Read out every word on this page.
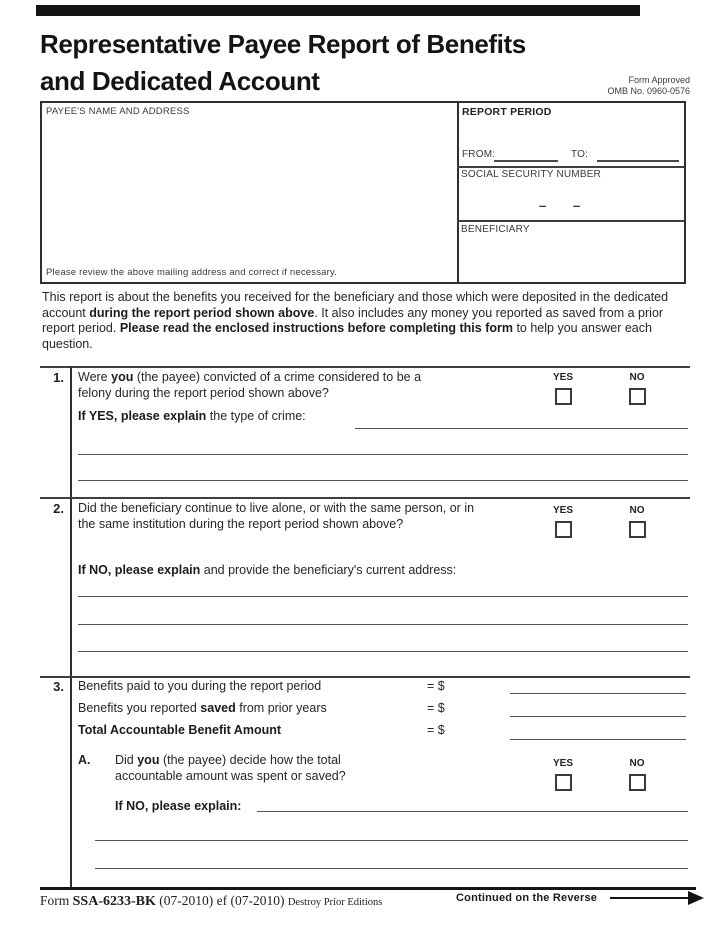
Representative Payee Report of Benefits
and Dedicated Account	Form Approved
OMB No. 0960-0576
PAYEE'S NAME AND ADDRESS
Please review the above mailing address and correct if necessary.
REPORT PERIOD
FROM:	TO:
SOCIAL SECURITY NUMBER
– –
BENEFICIARY
This report is about the benefits you received for the beneficiary and those which were deposited in the dedicated account during the report period shown above. It also includes any money you reported as saved from a prior report period. Please read the enclosed instructions before completing this form to help you answer each question.
1. Were you (the payee) convicted of a crime considered to be a felony during the report period shown above?
YES	NO
If YES, please explain the type of crime:
2. Did the beneficiary continue to live alone, or with the same person, or in the same institution during the report period shown above?
YES	NO
If NO, please explain and provide the beneficiary's current address:
3. Benefits paid to you during the report period	= $
Benefits you reported saved from prior years	= $
Total Accountable Benefit Amount	= $
A.	Did you (the payee) decide how the total accountable amount was spent or saved?
YES	NO
If NO, please explain:
Form SSA-6233-BK (07-2010) ef (07-2010) Destroy Prior Editions	Continued on the Reverse
